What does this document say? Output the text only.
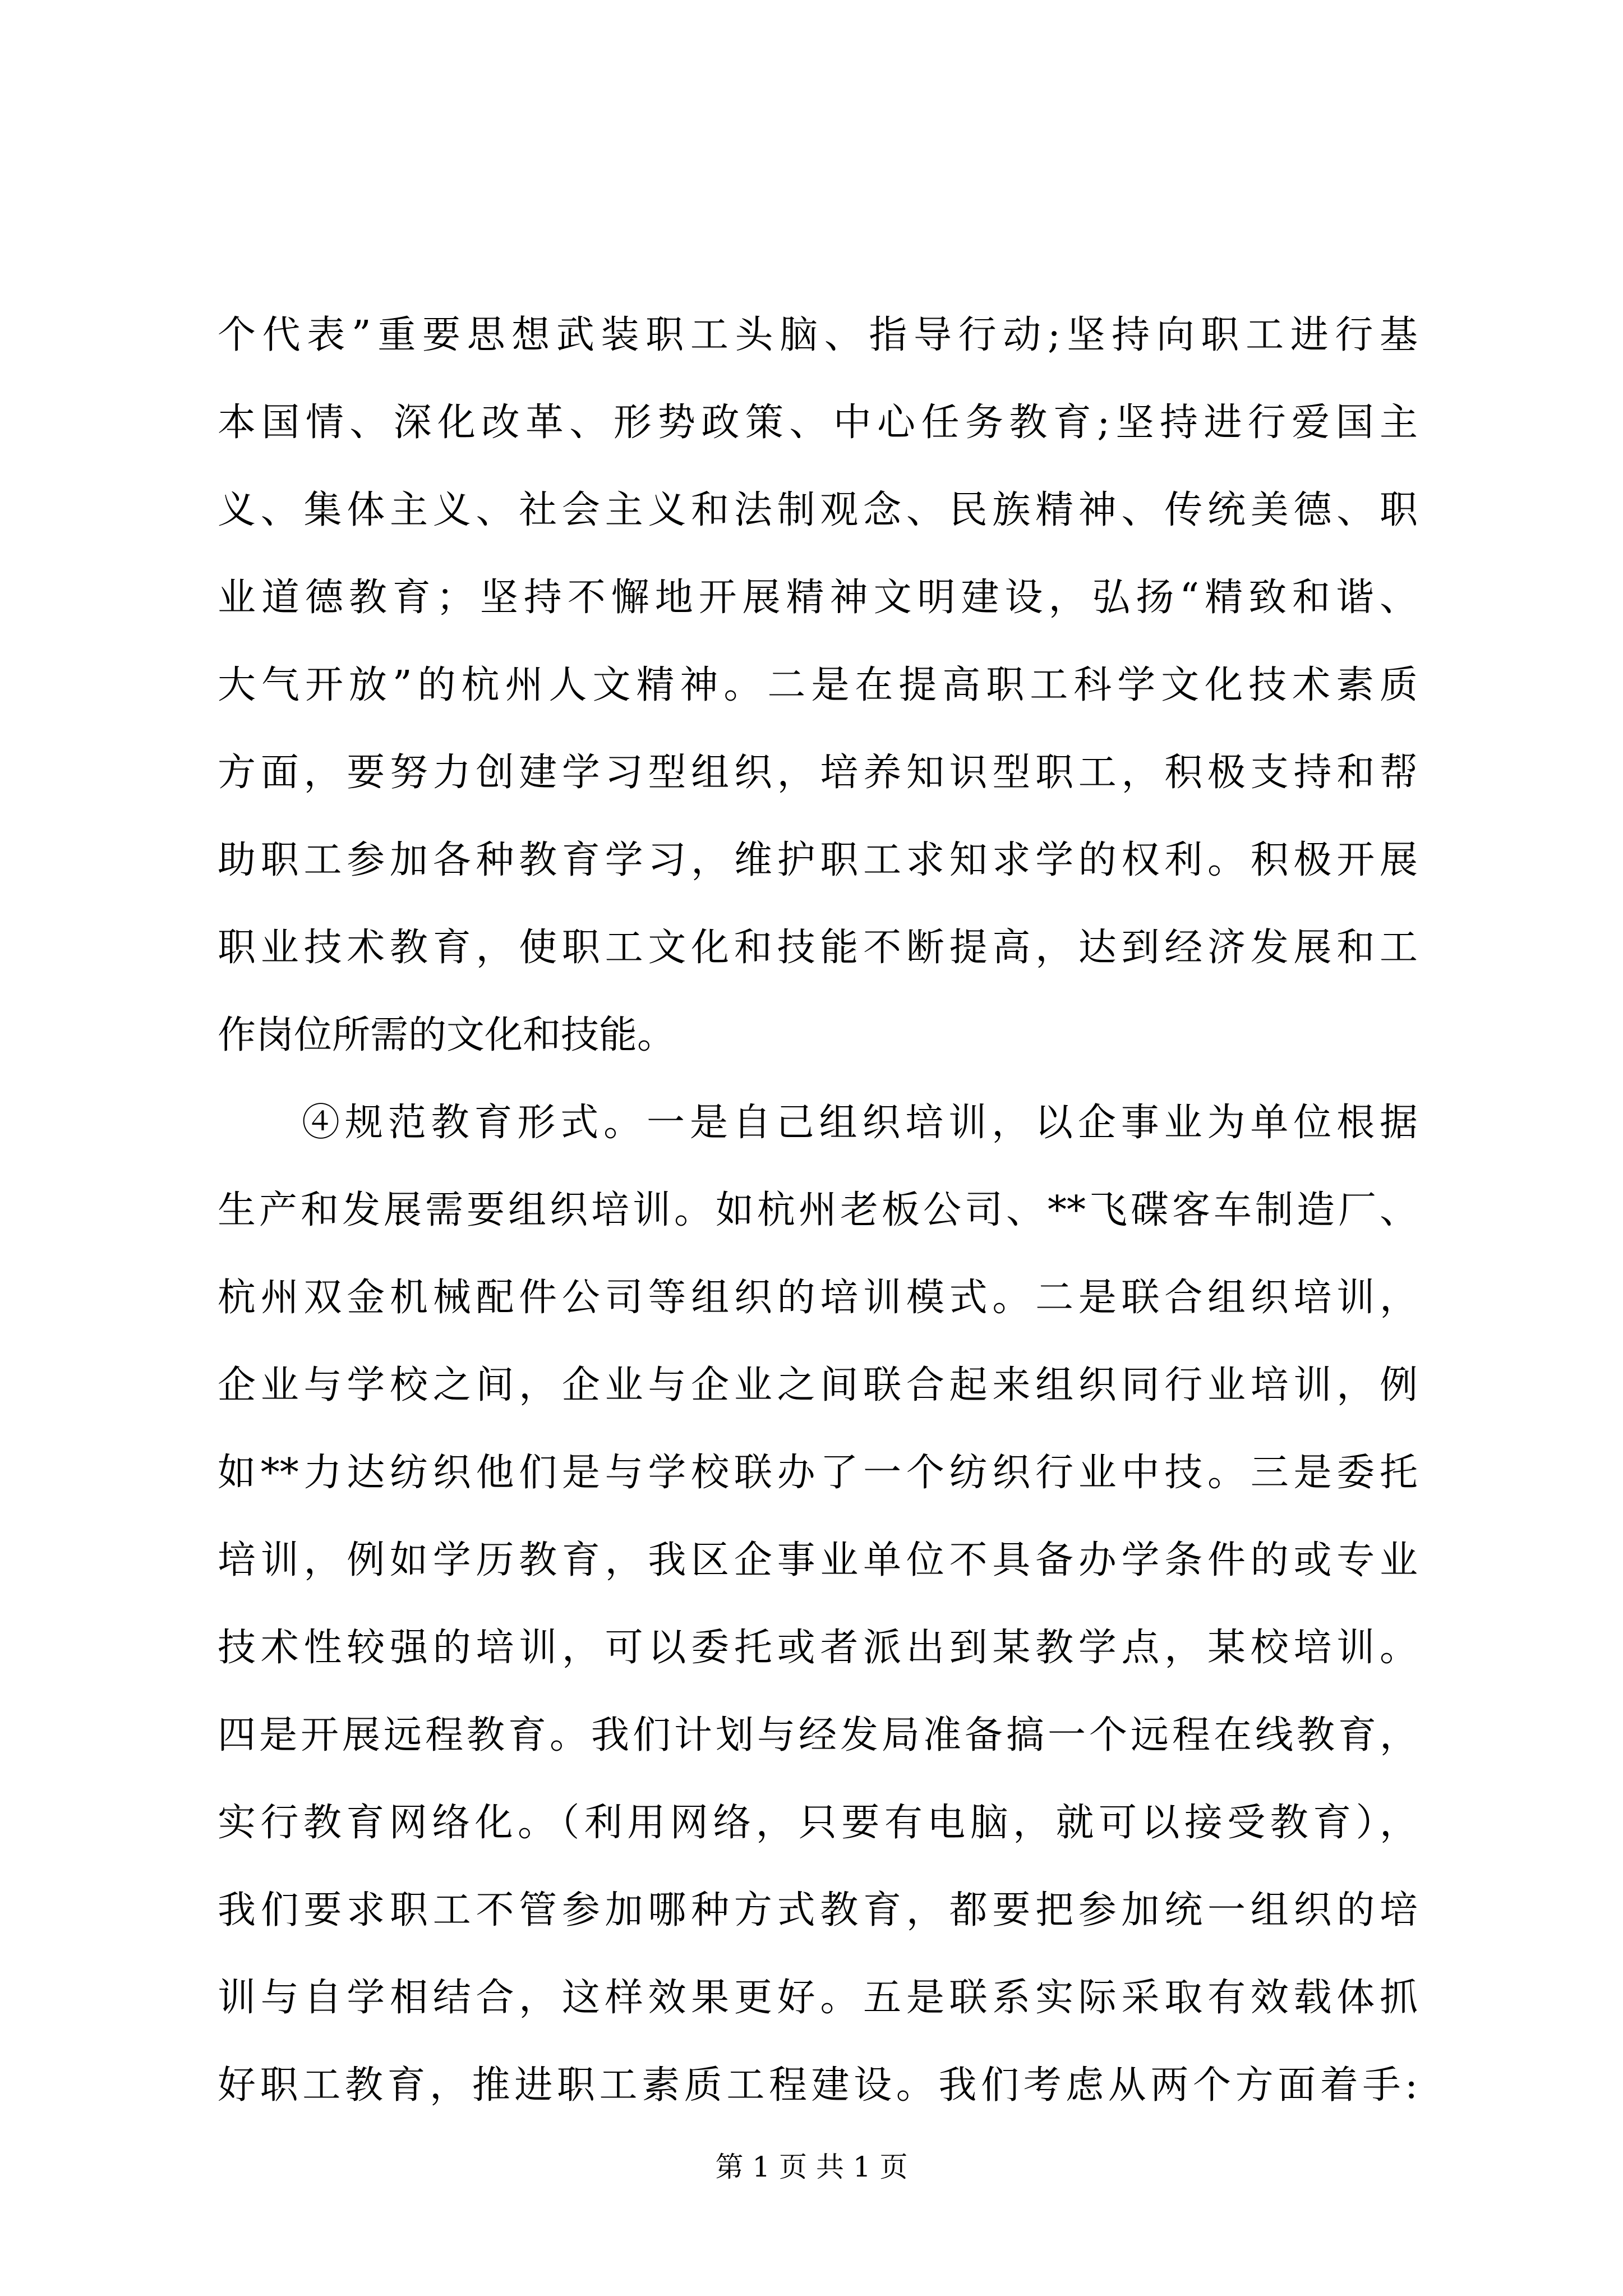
个代表”重要思想武装职工头脑、指导行动;坚持向职工进行基
本国情、深化改革、形势政策、中心任务教育;坚持进行爱国主
义、集体主义、社会主义和法制观念、民族精神、传统美德、职
业道德教育；坚持不懈地开展精神文明建设，弘扬“精致和谐、
大气开放”的杭州人文精神。二是在提高职工科学文化技术素质
方面，要努力创建学习型组织，培养知识型职工，积极支持和帮
助职工参加各种教育学习，维护职工求知求学的权利。积极开展
职业技术教育，使职工文化和技能不断提高，达到经济发展和工
作岗位所需的文化和技能。
④规范教育形式。一是自己组织培训，以企事业为单位根据
生产和发展需要组织培训。如杭州老板公司、**飞碟客车制造厂、
杭州双金机械配件公司等组织的培训模式。二是联合组织培训，
企业与学校之间，企业与企业之间联合起来组织同行业培训，例
如**力达纺织他们是与学校联办了一个纺织行业中技。三是委托
培训，例如学历教育，我区企事业单位不具备办学条件的或专业
技术性较强的培训，可以委托或者派出到某教学点，某校培训。
四是开展远程教育。我们计划与经发局准备搞一个远程在线教育，
实行教育网络化。（利用网络，只要有电脑，就可以接受教育），
我们要求职工不管参加哪种方式教育，都要把参加统一组织的培
训与自学相结合，这样效果更好。五是联系实际采取有效载体抓
好职工教育，推进职工素质工程建设。我们考虑从两个方面着手:
第 1 页 共 1 页
